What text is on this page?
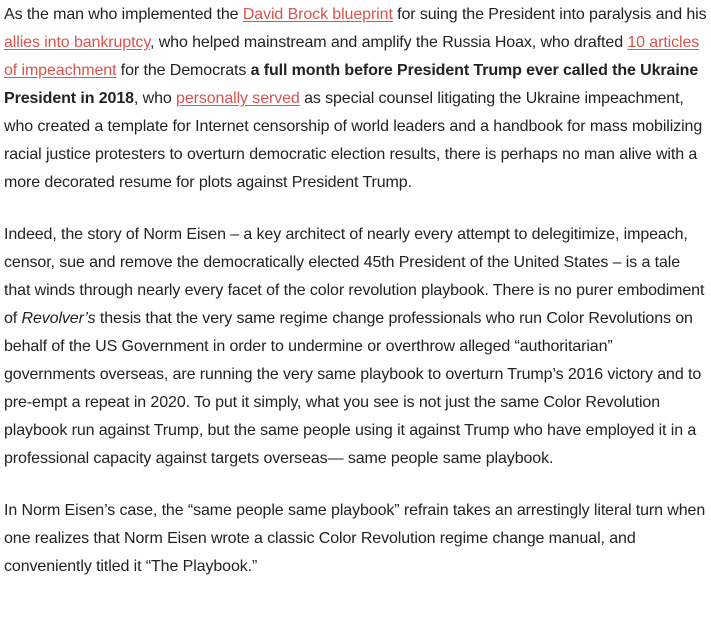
As the man who implemented the David Brock blueprint for suing the President into paralysis and his allies into bankruptcy, who helped mainstream and amplify the Russia Hoax, who drafted 10 articles of impeachment for the Democrats a full month before President Trump ever called the Ukraine President in 2018, who personally served as special counsel litigating the Ukraine impeachment, who created a template for Internet censorship of world leaders and a handbook for mass mobilizing racial justice protesters to overturn democratic election results, there is perhaps no man alive with a more decorated resume for plots against President Trump.

Indeed, the story of Norm Eisen – a key architect of nearly every attempt to delegitimize, impeach, censor, sue and remove the democratically elected 45th President of the United States – is a tale that winds through nearly every facet of the color revolution playbook. There is no purer embodiment of Revolver’s thesis that the very same regime change professionals who run Color Revolutions on behalf of the US Government in order to undermine or overthrow alleged “authoritarian” governments overseas, are running the very same playbook to overturn Trump’s 2016 victory and to pre-empt a repeat in 2020. To put it simply, what you see is not just the same Color Revolution playbook run against Trump, but the same people using it against Trump who have employed it in a professional capacity against targets overseas— same people same playbook.

In Norm Eisen’s case, the “same people same playbook” refrain takes an arrestingly literal turn when one realizes that Norm Eisen wrote a classic Color Revolution regime change manual, and conveniently titled it “The Playbook.”
